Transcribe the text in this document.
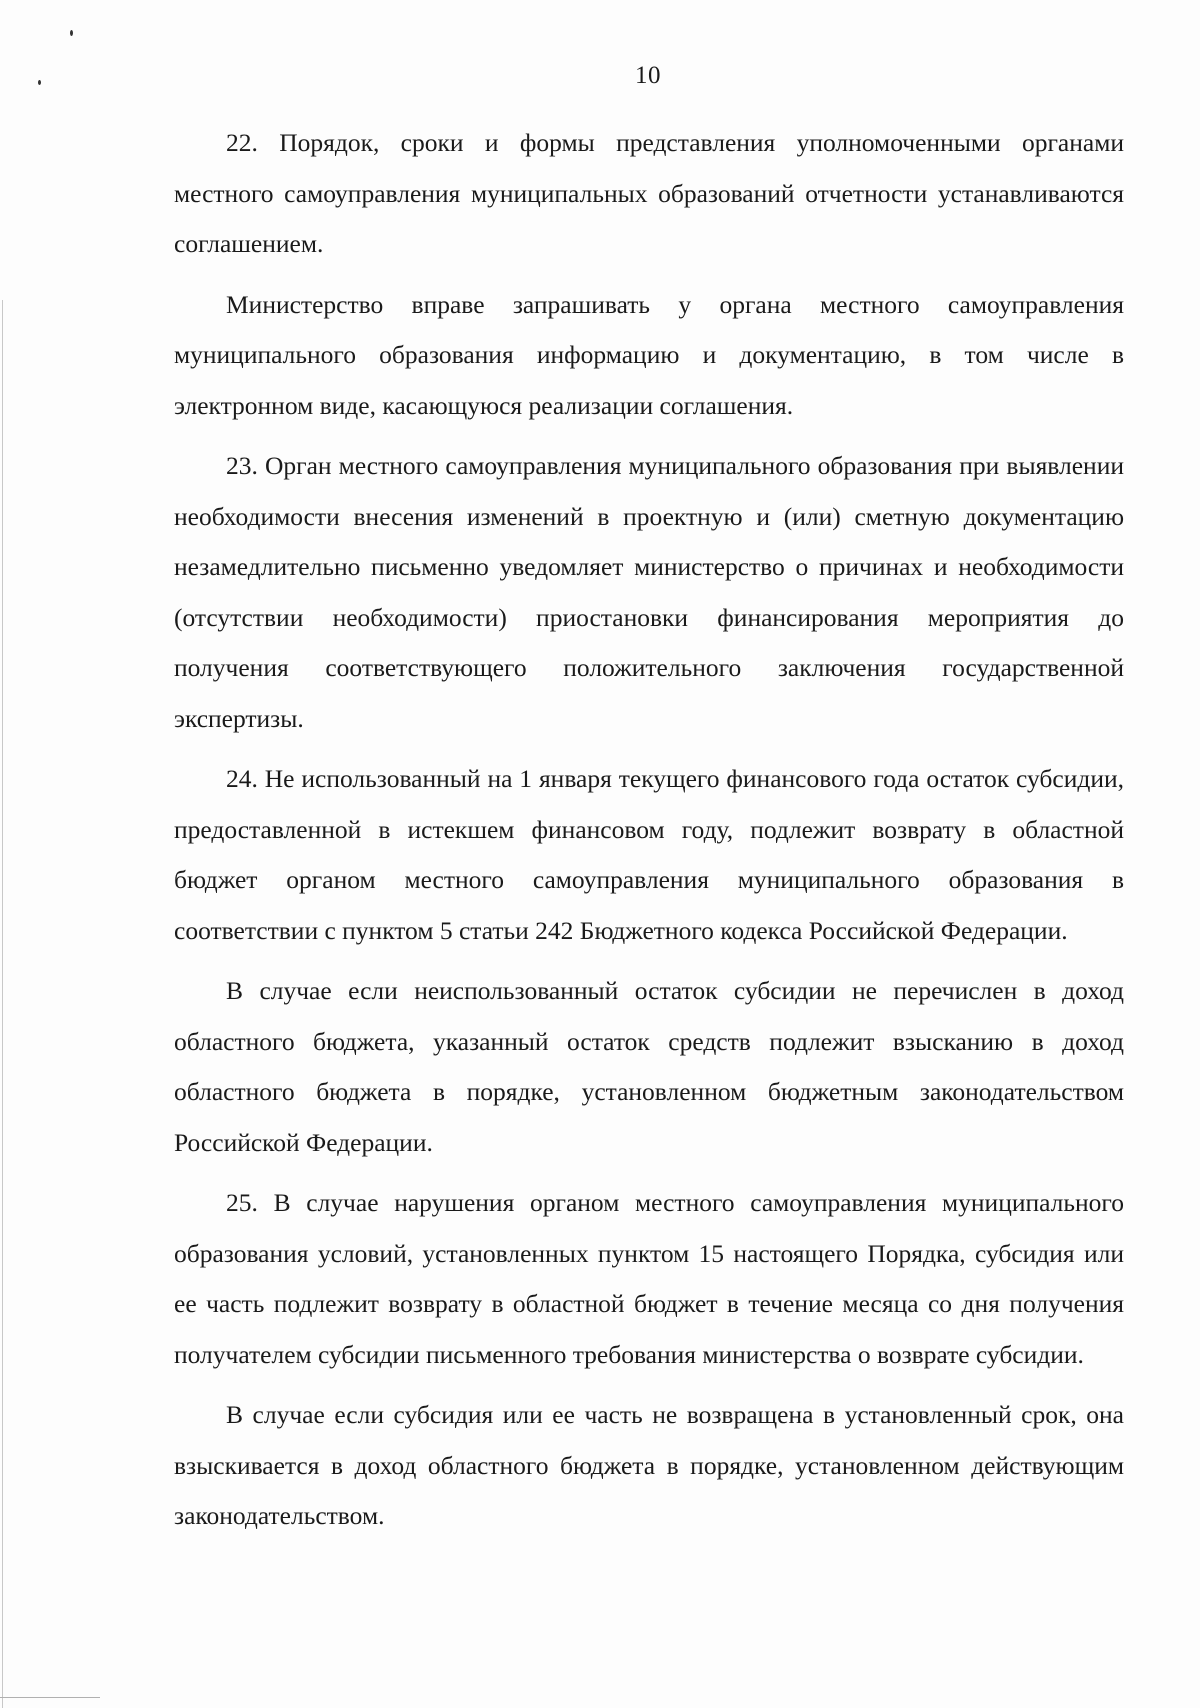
10

22. Порядок, сроки и формы представления уполномоченными органами местного самоуправления муниципальных образований отчетности устанавливаются соглашением.

Министерство вправе запрашивать у органа местного самоуправления муниципального образования информацию и документацию, в том числе в электронном виде, касающуюся реализации соглашения.

23. Орган местного самоуправления муниципального образования при выявлении необходимости внесения изменений в проектную и (или) сметную документацию незамедлительно письменно уведомляет министерство о причинах и необходимости (отсутствии необходимости) приостановки финансирования мероприятия до получения соответствующего положительного заключения государственной экспертизы.

24. Не использованный на 1 января текущего финансового года остаток субсидии, предоставленной в истекшем финансовом году, подлежит возврату в областной бюджет органом местного самоуправления муниципального образования в соответствии с пунктом 5 статьи 242 Бюджетного кодекса Российской Федерации.

В случае если неиспользованный остаток субсидии не перечислен в доход областного бюджета, указанный остаток средств подлежит взысканию в доход областного бюджета в порядке, установленном бюджетным законодательством Российской Федерации.

25. В случае нарушения органом местного самоуправления муниципального образования условий, установленных пунктом 15 настоящего Порядка, субсидия или ее часть подлежит возврату в областной бюджет в течение месяца со дня получения получателем субсидии письменного требования министерства о возврате субсидии.

В случае если субсидия или ее часть не возвращена в установленный срок, она взыскивается в доход областного бюджета в порядке, установленном действующим законодательством.
